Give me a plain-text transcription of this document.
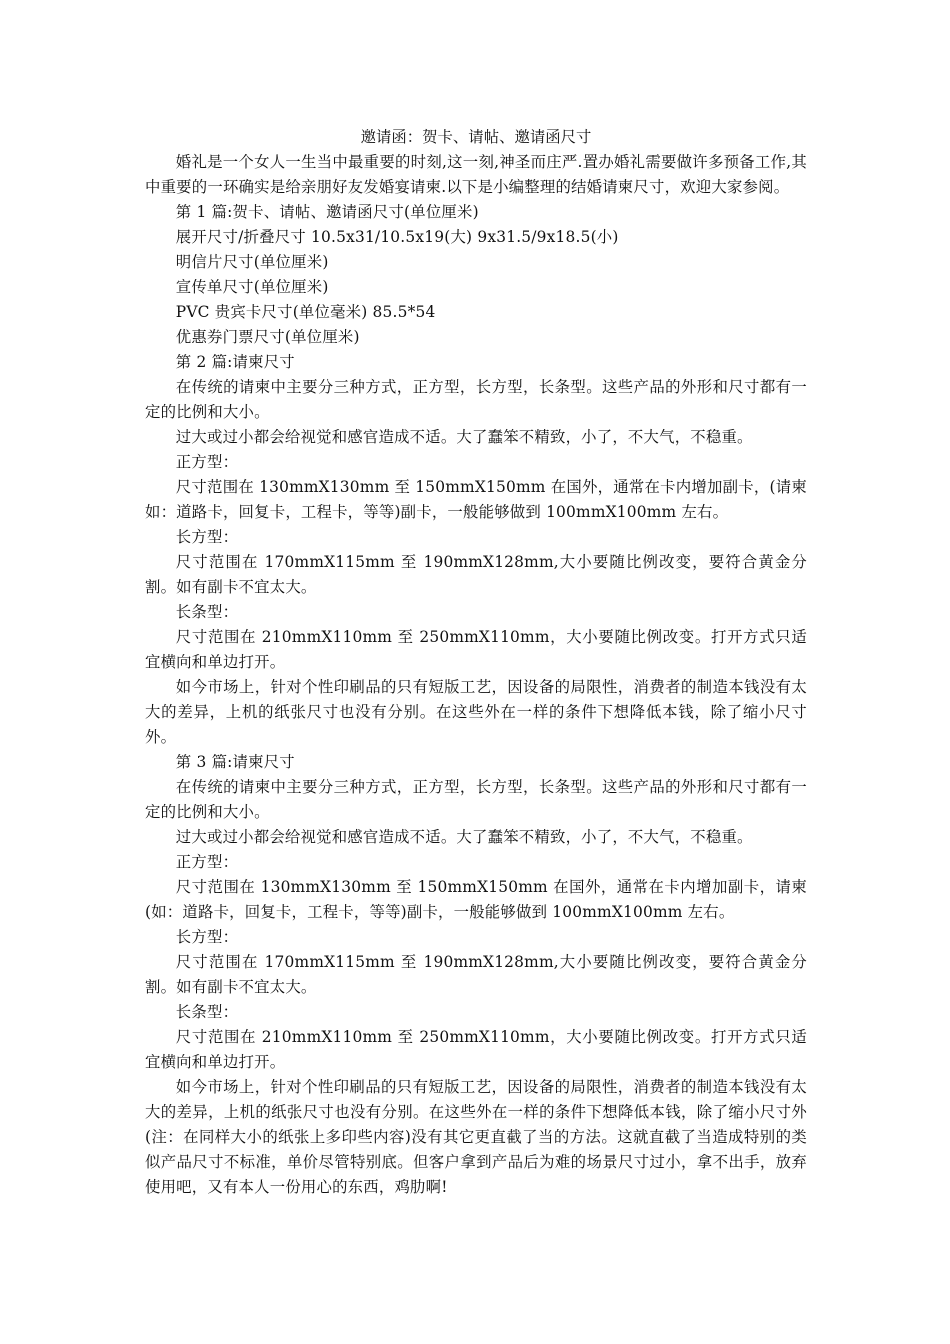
邀请函：贺卡、请帖、邀请函尺寸

婚礼是一个女人一生当中最重要的时刻,这一刻,神圣而庄严.置办婚礼需要做许多预备工作,其中重要的一环确实是给亲朋好友发婚宴请柬.以下是小编整理的结婚请柬尺寸，欢迎大家参阅。

第 1 篇:贺卡、请帖、邀请函尺寸(单位厘米)

展开尺寸/折叠尺寸 10.5x31/10.5x19(大) 9x31.5/9x18.5(小)

明信片尺寸(单位厘米)

宣传单尺寸(单位厘米)

PVC 贵宾卡尺寸(单位毫米) 85.5*54

优惠券门票尺寸(单位厘米)

第 2 篇:请柬尺寸

在传统的请柬中主要分三种方式，正方型，长方型，长条型。这些产品的外形和尺寸都有一定的比例和大小。

过大或过小都会给视觉和感官造成不适。大了蠢笨不精致，小了，不大气，不稳重。

正方型：

尺寸范围在 130mmX130mm 至 150mmX150mm 在国外，通常在卡内增加副卡，(请柬如：道路卡，回复卡，工程卡，等等)副卡，一般能够做到 100mmX100mm 左右。

长方型：

尺寸范围在 170mmX115mm 至 190mmX128mm,大小要随比例改变，要符合黄金分割。如有副卡不宜太大。

长条型：

尺寸范围在 210mmX110mm 至 250mmX110mm，大小要随比例改变。打开方式只适宜横向和单边打开。

如今市场上，针对个性印刷品的只有短版工艺，因设备的局限性，消费者的制造本钱没有太大的差异，上机的纸张尺寸也没有分别。在这些外在一样的条件下想降低本钱，除了缩小尺寸外。

第 3 篇:请柬尺寸

在传统的请柬中主要分三种方式，正方型，长方型，长条型。这些产品的外形和尺寸都有一定的比例和大小。

过大或过小都会给视觉和感官造成不适。大了蠢笨不精致，小了，不大气，不稳重。

正方型：

尺寸范围在 130mmX130mm 至 150mmX150mm 在国外，通常在卡内增加副卡，请柬(如：道路卡，回复卡，工程卡，等等)副卡，一般能够做到 100mmX100mm 左右。

长方型：

尺寸范围在 170mmX115mm 至 190mmX128mm,大小要随比例改变，要符合黄金分割。如有副卡不宜太大。

长条型：

尺寸范围在 210mmX110mm 至 250mmX110mm，大小要随比例改变。打开方式只适宜横向和单边打开。

如今市场上，针对个性印刷品的只有短版工艺，因设备的局限性，消费者的制造本钱没有太大的差异，上机的纸张尺寸也没有分别。在这些外在一样的条件下想降低本钱，除了缩小尺寸外(注：在同样大小的纸张上多印些内容)没有其它更直截了当的方法。这就直截了当造成特别的类似产品尺寸不标准，单价尽管特别底。但客户拿到产品后为难的场景尺寸过小，拿不出手，放弃使用吧，又有本人一份用心的东西，鸡肋啊!
